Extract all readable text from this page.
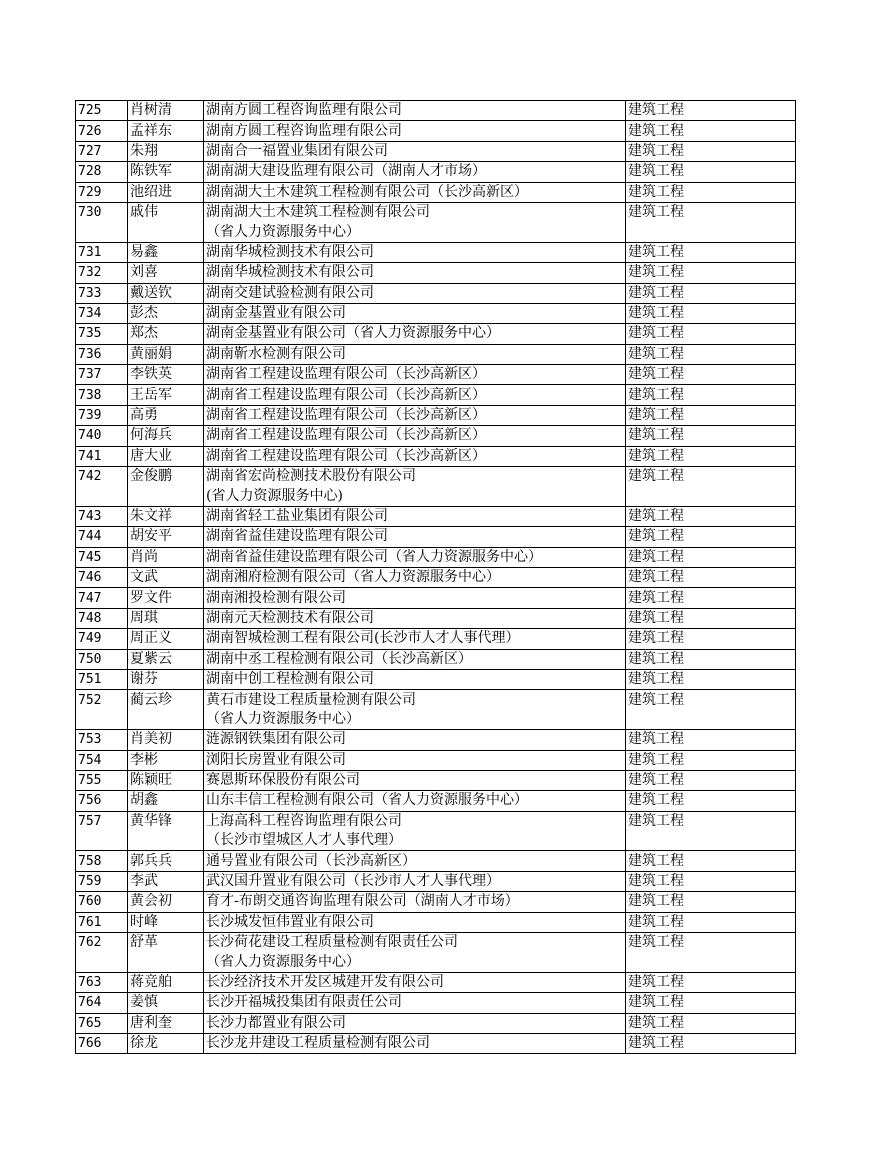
725	肖树清	湖南方圆工程咨询监理有限公司	建筑工程
726	孟祥东	湖南方圆工程咨询监理有限公司	建筑工程
727	朱翔	湖南合一福置业集团有限公司	建筑工程
728	陈铁军	湖南湖大建设监理有限公司（湖南人才市场）	建筑工程
729	池绍进	湖南湖大土木建筑工程检测有限公司（长沙高新区）	建筑工程
730	戚伟	湖南湖大土木建筑工程检测有限公司	建筑工程
		（省人力资源服务中心）	
731	易鑫	湖南华城检测技术有限公司	建筑工程
732	刘喜	湖南华城检测技术有限公司	建筑工程
733	戴送钦	湖南交建试验检测有限公司	建筑工程
734	彭杰	湖南金基置业有限公司	建筑工程
735	郑杰	湖南金基置业有限公司（省人力资源服务中心）	建筑工程
736	黄丽娟	湖南靳水检测有限公司	建筑工程
737	李铁英	湖南省工程建设监理有限公司（长沙高新区）	建筑工程
738	王岳军	湖南省工程建设监理有限公司（长沙高新区）	建筑工程
739	高勇	湖南省工程建设监理有限公司（长沙高新区）	建筑工程
740	何海兵	湖南省工程建设监理有限公司（长沙高新区）	建筑工程
741	唐大业	湖南省工程建设监理有限公司（长沙高新区）	建筑工程
742	金俊鹏	湖南省宏尚检测技术股份有限公司	建筑工程
		(省人力资源服务中心)	
743	朱文祥	湖南省轻工盐业集团有限公司	建筑工程
744	胡安平	湖南省益佳建设监理有限公司	建筑工程
745	肖尚	湖南省益佳建设监理有限公司（省人力资源服务中心）	建筑工程
746	文武	湖南湘府检测有限公司（省人力资源服务中心）	建筑工程
747	罗文件	湖南湘投检测有限公司	建筑工程
748	周琪	湖南元天检测技术有限公司	建筑工程
749	周正义	湖南智城检测工程有限公司(长沙市人才人事代理）	建筑工程
750	夏紫云	湖南中丞工程检测有限公司（长沙高新区）	建筑工程
751	谢芬	湖南中创工程检测有限公司	建筑工程
752	蔺云珍	黄石市建设工程质量检测有限公司	建筑工程
		（省人力资源服务中心）	
753	肖美初	涟源钢铁集团有限公司	建筑工程
754	李彬	浏阳长房置业有限公司	建筑工程
755	陈颖旺	赛恩斯环保股份有限公司	建筑工程
756	胡鑫	山东丰信工程检测有限公司（省人力资源服务中心）	建筑工程
757	黄华锋	上海高科工程咨询监理有限公司	建筑工程
		（长沙市望城区人才人事代理）	
758	郭兵兵	通号置业有限公司（长沙高新区）	建筑工程
759	李武	武汉国升置业有限公司（长沙市人才人事代理）	建筑工程
760	黄会初	育才-布朗交通咨询监理有限公司（湖南人才市场）	建筑工程
761	时峰	长沙城发恒伟置业有限公司	建筑工程
762	舒革	长沙荷花建设工程质量检测有限责任公司	建筑工程
		（省人力资源服务中心）	
763	蒋竞舶	长沙经济技术开发区城建开发有限公司	建筑工程
764	姜慎	长沙开福城投集团有限责任公司	建筑工程
765	唐利奎	长沙力都置业有限公司	建筑工程
766	徐龙	长沙龙井建设工程质量检测有限公司	建筑工程
